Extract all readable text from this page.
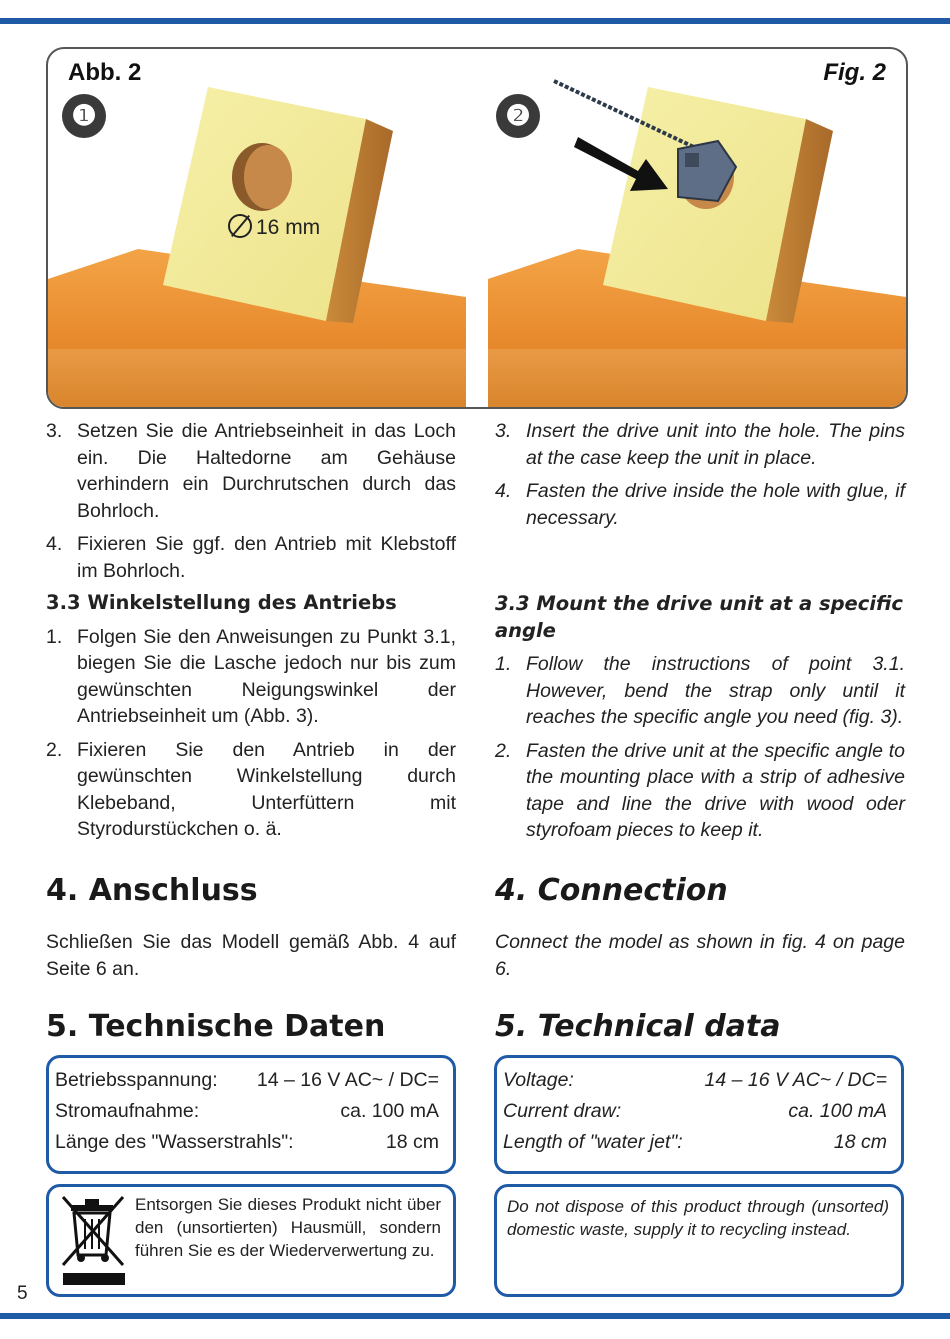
Abb. 2	Fig. 2
❶	❷
16 mm
3. Setzen Sie die Antriebseinheit in das Loch ein. Die Haltedorne am Gehäuse verhindern ein Durchrutschen durch das Bohrloch.
4. Fixieren Sie ggf. den Antrieb mit Klebstoff im Bohrloch.
3.3 Winkelstellung des Antriebs
1. Folgen Sie den Anweisungen zu Punkt 3.1, biegen Sie die Lasche jedoch nur bis zum gewünschten Neigungswinkel der Antriebseinheit um (Abb. 3).
2. Fixieren Sie den Antrieb in der gewünschten Winkelstellung durch Klebeband, Unterfüttern mit Styrodurstückchen o. ä.
4. Anschluss
Schließen Sie das Modell gemäß Abb. 4 auf Seite 6 an.
5. Technische Daten
Betriebsspannung: 14 – 16 V AC~ / DC=
Stromaufnahme:	ca. 100 mA
Länge des "Wasserstrahls":	18 cm
Entsorgen Sie dieses Produkt nicht über den (unsortierten) Hausmüll, sondern führen Sie es der Wiederverwertung zu.
3. Insert the drive unit into the hole. The pins at the case keep the unit in place.
4. Fasten the drive inside the hole with glue, if necessary.
3.3 Mount the drive unit at a specific angle
1. Follow the instructions of point 3.1. However, bend the strap only until it reaches the specific angle you need (fig. 3).
2. Fasten the drive unit at the specific angle to the mounting place with a strip of adhesive tape and line the drive with wood oder styrofoam pieces to keep it.
4. Connection
Connect the model as shown in fig. 4 on page 6.
5. Technical data
Voltage:	14 – 16 V AC~ / DC=
Current draw:	ca. 100 mA
Length of "water jet":	18 cm
Do not dispose of this product through (unsorted) domestic waste, supply it to recycling instead.
5
